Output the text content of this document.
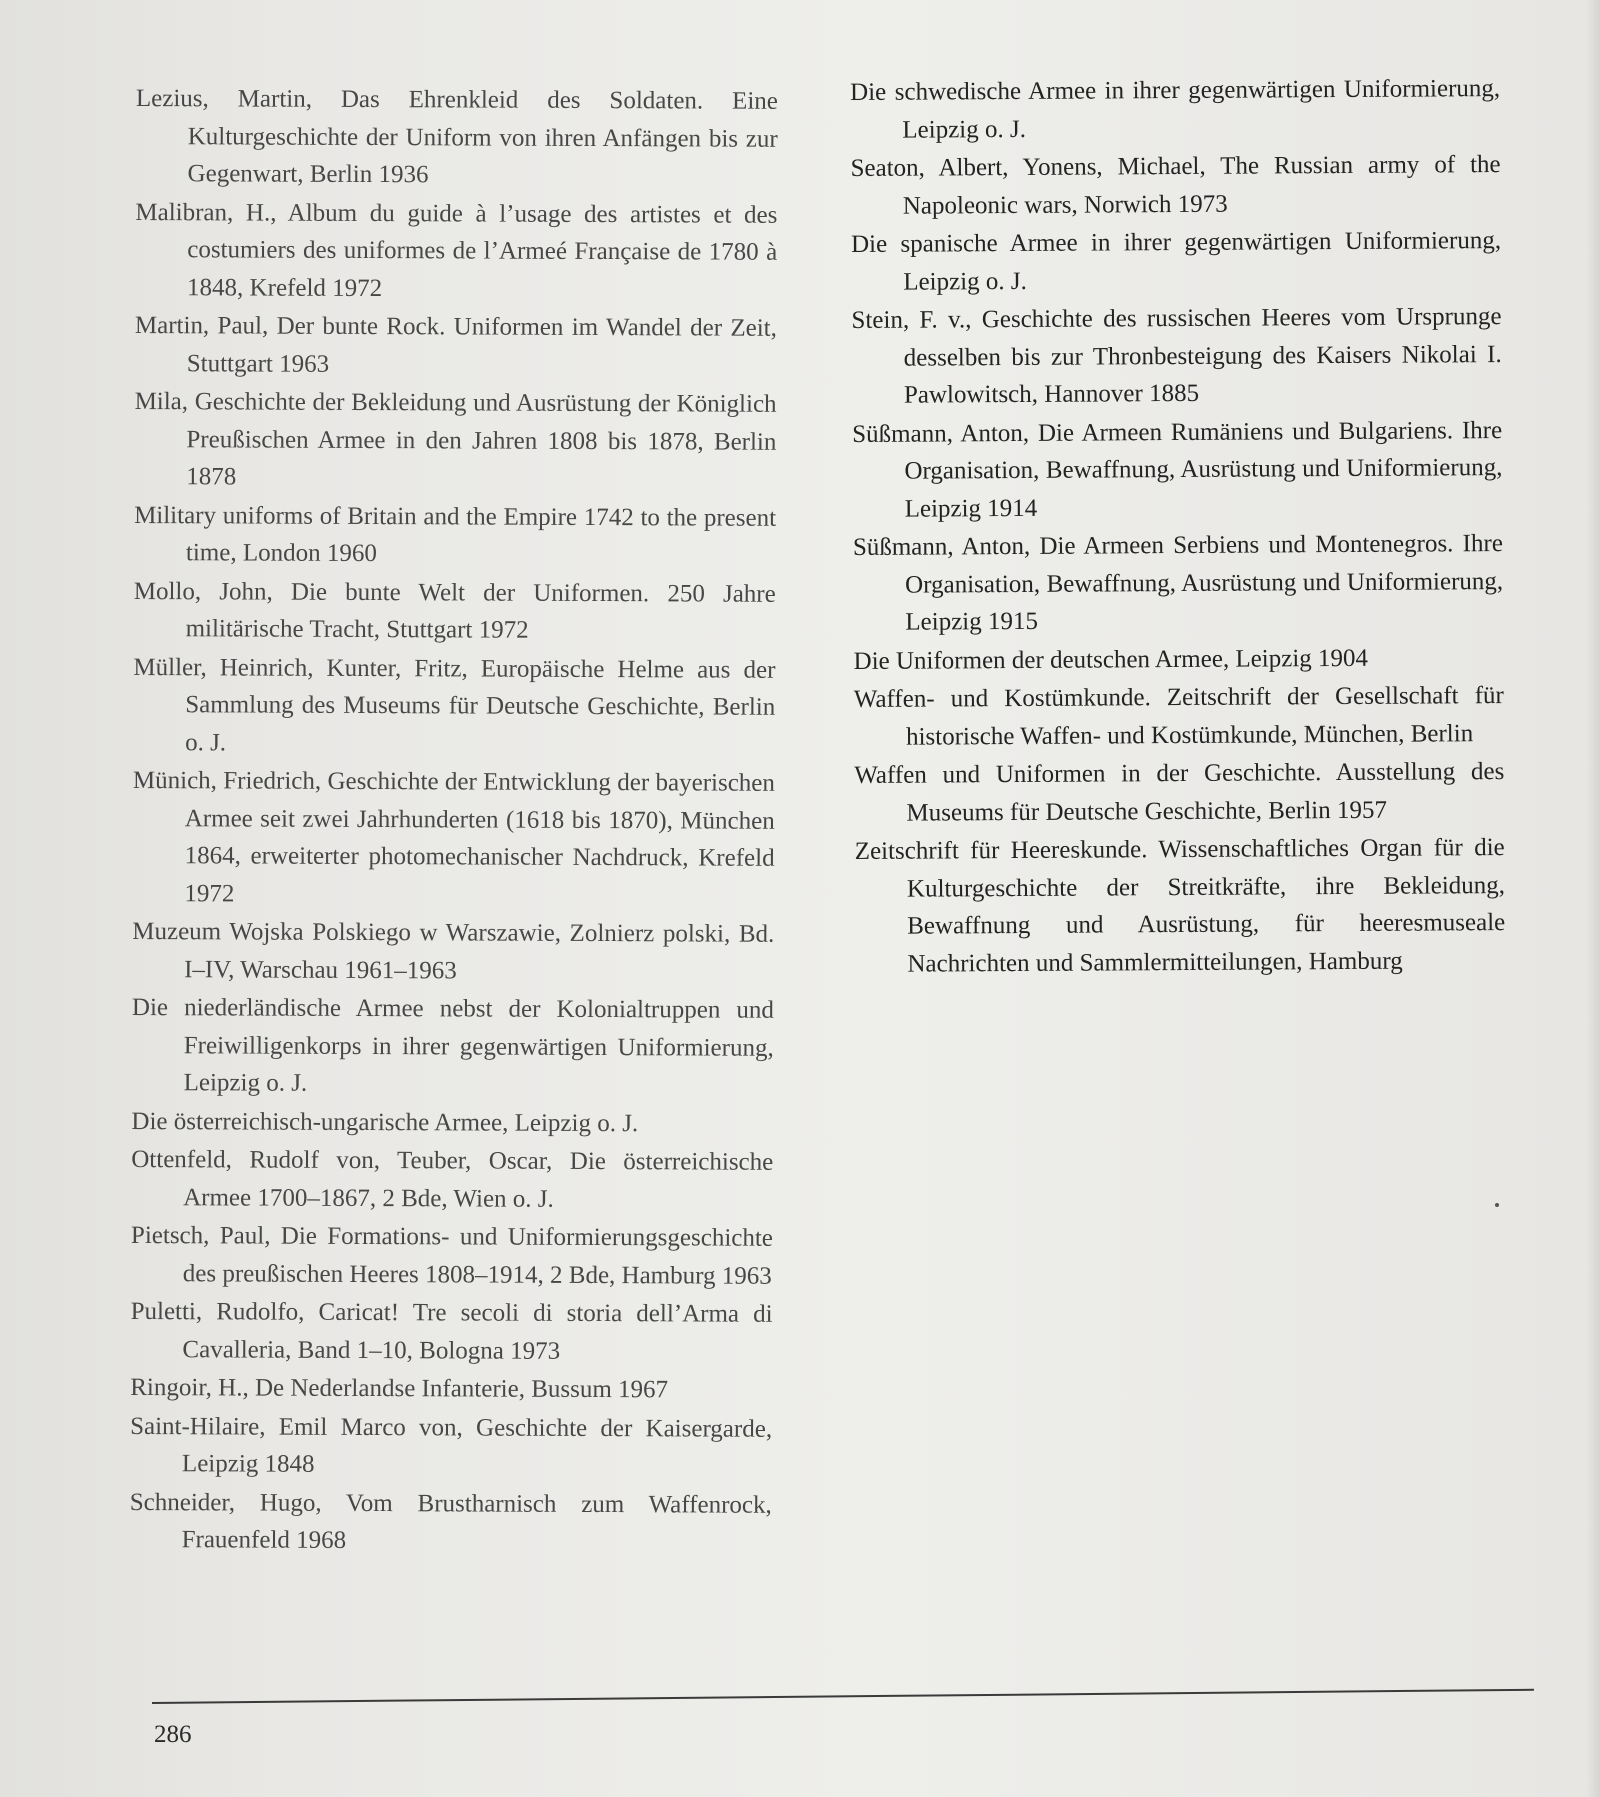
Lezius, Martin, Das Ehrenkleid des Soldaten. Eine Kulturgeschichte der Uniform von ihren Anfängen bis zur Gegenwart, Berlin 1936

Malibran, H., Album du guide à l’usage des artistes et des costumiers des uniformes de l’Armeé Française de 1780 à 1848, Krefeld 1972

Martin, Paul, Der bunte Rock. Uniformen im Wandel der Zeit, Stuttgart 1963

Mila, Geschichte der Bekleidung und Ausrüstung der Königlich Preußischen Armee in den Jahren 1808 bis 1878, Berlin 1878

Military uniforms of Britain and the Empire 1742 to the present time, London 1960

Mollo, John, Die bunte Welt der Uniformen. 250 Jahre militärische Tracht, Stuttgart 1972

Müller, Heinrich, Kunter, Fritz, Europäische Helme aus der Sammlung des Museums für Deutsche Geschichte, Berlin o. J.

Münich, Friedrich, Geschichte der Entwicklung der bayerischen Armee seit zwei Jahrhunderten (1618 bis 1870), München 1864, erweiterter photomechanischer Nachdruck, Krefeld 1972

Muzeum Wojska Polskiego w Warszawie, Zolnierz polski, Bd. I–IV, Warschau 1961–1963

Die niederländische Armee nebst der Kolonialtruppen und Freiwilligenkorps in ihrer gegenwärtigen Uniformierung, Leipzig o. J.

Die österreichisch-ungarische Armee, Leipzig o. J.

Ottenfeld, Rudolf von, Teuber, Oscar, Die österreichische Armee 1700–1867, 2 Bde, Wien o. J.

Pietsch, Paul, Die Formations- und Uniformierungsgeschichte des preußischen Heeres 1808–1914, 2 Bde, Hamburg 1963

Puletti, Rudolfo, Caricat! Tre secoli di storia dell’Arma di Cavalleria, Band 1–10, Bologna 1973

Ringoir, H., De Nederlandse Infanterie, Bussum 1967

Saint-Hilaire, Emil Marco von, Geschichte der Kaisergarde, Leipzig 1848

Schneider, Hugo, Vom Brustharnisch zum Waffenrock, Frauenfeld 1968

Die schwedische Armee in ihrer gegenwärtigen Uniformierung, Leipzig o. J.

Seaton, Albert, Yonens, Michael, The Russian army of the Napoleonic wars, Norwich 1973

Die spanische Armee in ihrer gegenwärtigen Uniformierung, Leipzig o. J.

Stein, F. v., Geschichte des russischen Heeres vom Ursprunge desselben bis zur Thronbesteigung des Kaisers Nikolai I. Pawlowitsch, Hannover 1885

Süßmann, Anton, Die Armeen Rumäniens und Bulgariens. Ihre Organisation, Bewaffnung, Ausrüstung und Uniformierung, Leipzig 1914

Süßmann, Anton, Die Armeen Serbiens und Montenegros. Ihre Organisation, Bewaffnung, Ausrüstung und Uniformierung, Leipzig 1915

Die Uniformen der deutschen Armee, Leipzig 1904

Waffen- und Kostümkunde. Zeitschrift der Gesellschaft für historische Waffen- und Kostümkunde, München, Berlin

Waffen und Uniformen in der Geschichte. Ausstellung des Museums für Deutsche Geschichte, Berlin 1957

Zeitschrift für Heereskunde. Wissenschaftliches Organ für die Kulturgeschichte der Streitkräfte, ihre Bekleidung, Bewaffnung und Ausrüstung, für heeresmuseale Nachrichten und Sammlermitteilungen, Hamburg

286
